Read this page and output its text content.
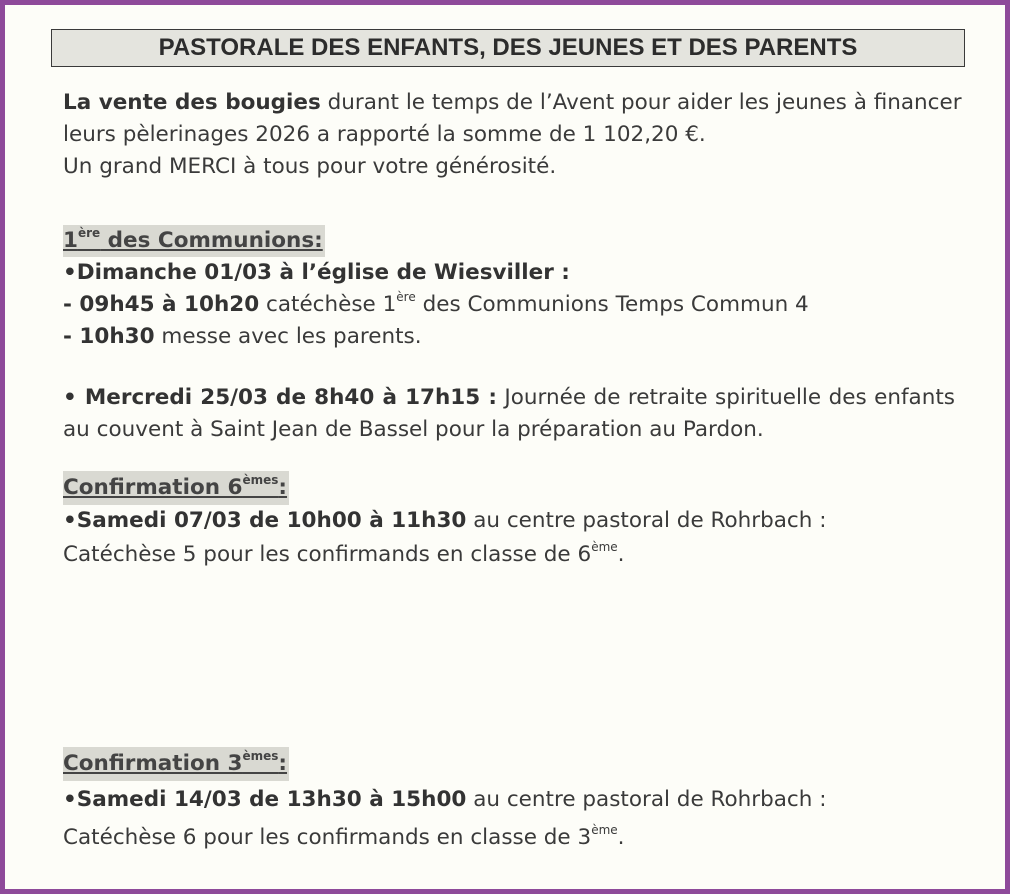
PASTORALE DES ENFANTS, DES JEUNES ET DES PARENTS
La vente des bougies durant le temps de l’Avent pour aider les jeunes à financer
leurs pèlerinages 2026 a rapporté la somme de 1 102,20 €.
Un grand MERCI à tous pour votre générosité.
1ère des Communions:
•Dimanche 01/03 à l’église de Wiesviller :
- 09h45 à 10h20 catéchèse 1ère des Communions Temps Commun 4
- 10h30 messe avec les parents.
• Mercredi 25/03 de 8h40 à 17h15 : Journée de retraite spirituelle des enfants au couvent à Saint Jean de Bassel pour la préparation au Pardon.
Confirmation 6èmes:
•Samedi 07/03 de 10h00 à 11h30 au centre pastoral de Rohrbach :
Catéchèse 5 pour les confirmands en classe de 6ème.
Confirmation 3èmes:
•Samedi 14/03 de 13h30 à 15h00 au centre pastoral de Rohrbach :
Catéchèse 6 pour les confirmands en classe de 3ème.
